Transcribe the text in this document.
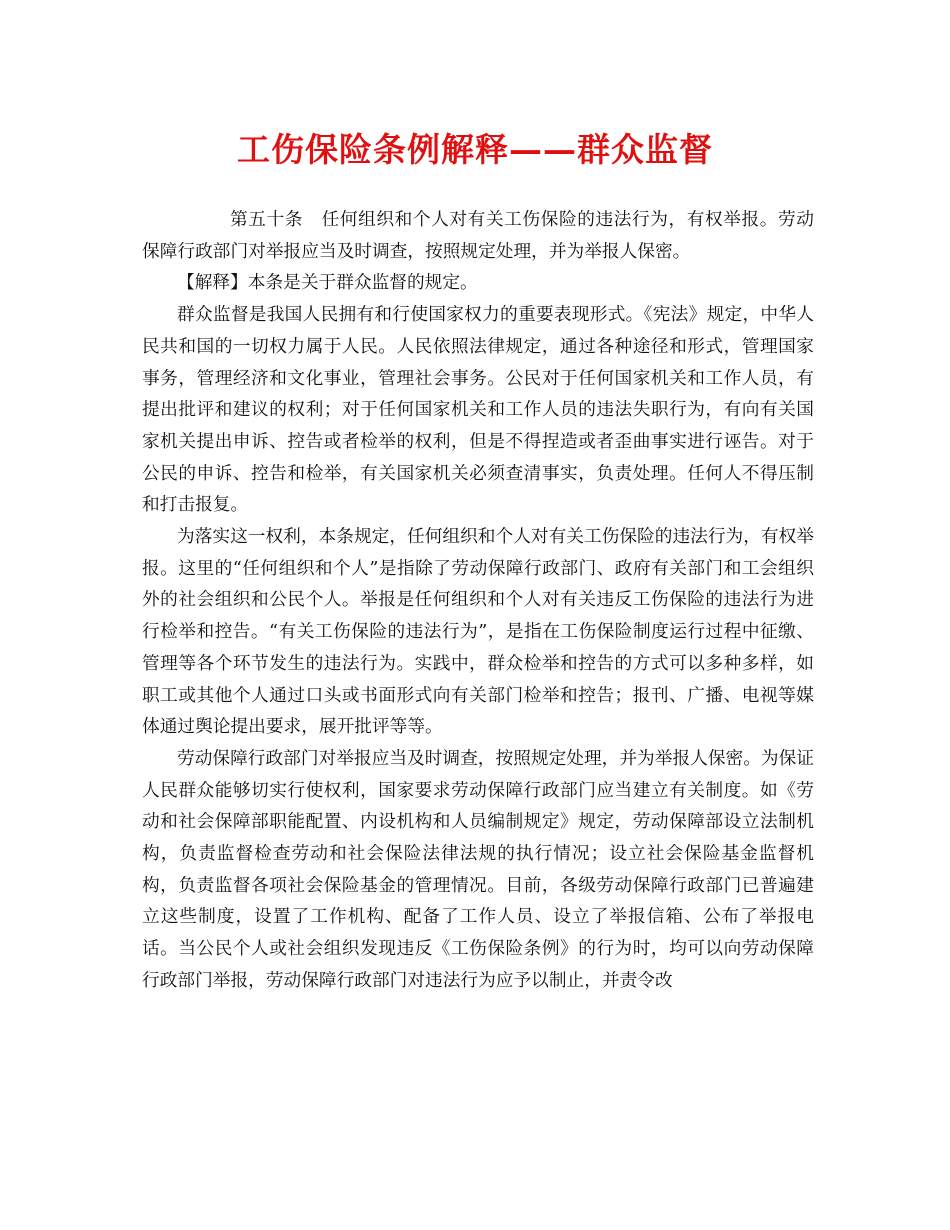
工伤保险条例解释——群众监督

第五十条 任何组织和个人对有关工伤保险的违法行为，有权举报。劳动保障行政部门对举报应当及时调查，按照规定处理，并为举报人保密。

【解释】本条是关于群众监督的规定。

群众监督是我国人民拥有和行使国家权力的重要表现形式。《宪法》规定，中华人民共和国的一切权力属于人民。人民依照法律规定，通过各种途径和形式，管理国家事务，管理经济和文化事业，管理社会事务。公民对于任何国家机关和工作人员，有提出批评和建议的权利；对于任何国家机关和工作人员的违法失职行为，有向有关国家机关提出申诉、控告或者检举的权利，但是不得捏造或者歪曲事实进行诬告。对于公民的申诉、控告和检举，有关国家机关必须查清事实，负责处理。任何人不得压制和打击报复。

为落实这一权利，本条规定，任何组织和个人对有关工伤保险的违法行为，有权举报。这里的“任何组织和个人”是指除了劳动保障行政部门、政府有关部门和工会组织外的社会组织和公民个人。举报是任何组织和个人对有关违反工伤保险的违法行为进行检举和控告。“有关工伤保险的违法行为”，是指在工伤保险制度运行过程中征缴、管理等各个环节发生的违法行为。实践中，群众检举和控告的方式可以多种多样，如职工或其他个人通过口头或书面形式向有关部门检举和控告；报刊、广播、电视等媒体通过舆论提出要求，展开批评等等。

劳动保障行政部门对举报应当及时调查，按照规定处理，并为举报人保密。为保证人民群众能够切实行使权利，国家要求劳动保障行政部门应当建立有关制度。如《劳动和社会保障部职能配置、内设机构和人员编制规定》规定，劳动保障部设立法制机构，负责监督检查劳动和社会保险法律法规的执行情况；设立社会保险基金监督机构，负责监督各项社会保险基金的管理情况。目前，各级劳动保障行政部门已普遍建立这些制度，设置了工作机构、配备了工作人员、设立了举报信箱、公布了举报电话。当公民个人或社会组织发现违反《工伤保险条例》的行为时，均可以向劳动保障行政部门举报，劳动保障行政部门对违法行为应予以制止，并责令改
